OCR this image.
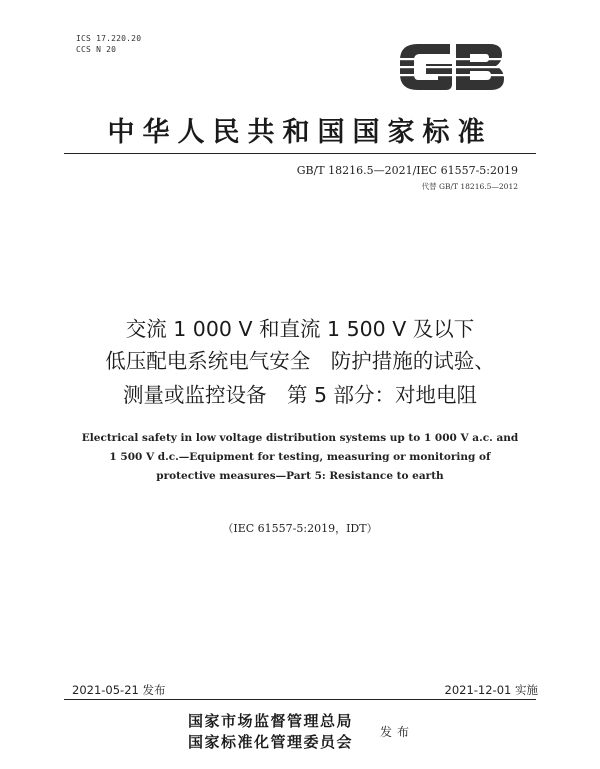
ICS 17.220.20
CCS N 20
中华人民共和国国家标准
GB/T 18216.5—2021/IEC 61557-5:2019
代替 GB/T 18216.5—2012
交流 1 000 V 和直流 1 500 V 及以下
低压配电系统电气安全　防护措施的试验、
测量或监控设备　第 5 部分：对地电阻
Electrical safety in low voltage distribution systems up to 1 000 V a.c. and
1 500 V d.c.—Equipment for testing, measuring or monitoring of
protective measures—Part 5: Resistance to earth
（IEC 61557-5:2019，IDT）
2021-05-21 发布	2021-12-01 实施
国家市场监督管理总局
国家标准化管理委员会
发布
